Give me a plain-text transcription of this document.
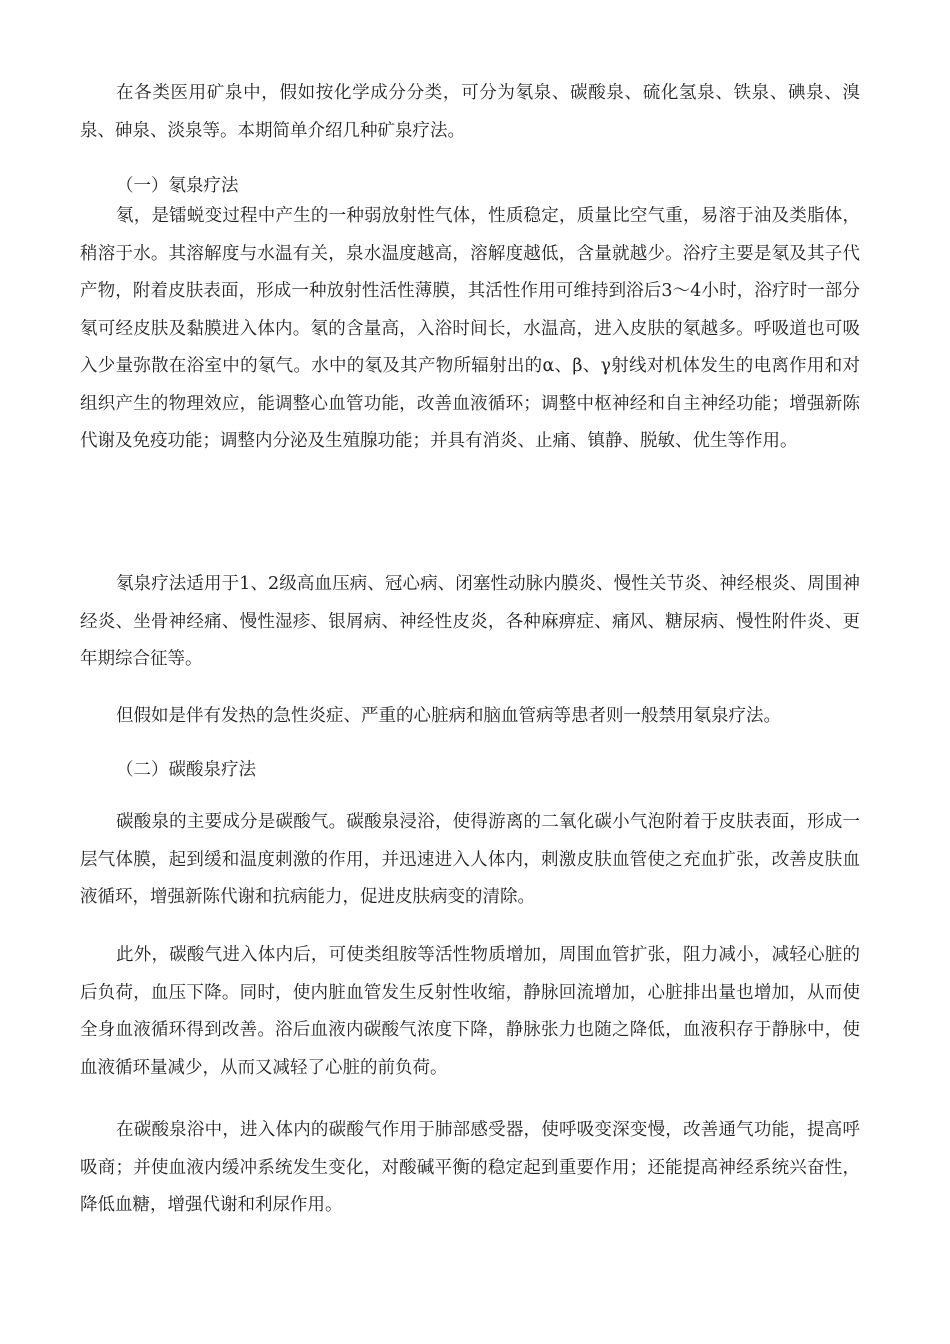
在各类医用矿泉中，假如按化学成分分类，可分为氡泉、碳酸泉、硫化氢泉、铁泉、碘泉、溴泉、砷泉、淡泉等。本期简单介绍几种矿泉疗法。

（一）氡泉疗法

氡，是镭蜕变过程中产生的一种弱放射性气体，性质稳定，质量比空气重，易溶于油及类脂体，稍溶于水。其溶解度与水温有关，泉水温度越高，溶解度越低，含量就越少。浴疗主要是氡及其子代产物，附着皮肤表面，形成一种放射性活性薄膜，其活性作用可维持到浴后3～4小时，浴疗时一部分氡可经皮肤及黏膜进入体内。氡的含量高，入浴时间长，水温高，进入皮肤的氡越多。呼吸道也可吸入少量弥散在浴室中的氡气。水中的氡及其产物所辐射出的α、β、γ射线对机体发生的电离作用和对组织产生的物理效应，能调整心血管功能，改善血液循环；调整中枢神经和自主神经功能；增强新陈代谢及免疫功能；调整内分泌及生殖腺功能；并具有消炎、止痛、镇静、脱敏、优生等作用。

氡泉疗法适用于1、2级高血压病、冠心病、闭塞性动脉内膜炎、慢性关节炎、神经根炎、周围神经炎、坐骨神经痛、慢性湿疹、银屑病、神经性皮炎，各种麻痹症、痛风、糖尿病、慢性附件炎、更年期综合征等。

但假如是伴有发热的急性炎症、严重的心脏病和脑血管病等患者则一般禁用氡泉疗法。

（二）碳酸泉疗法

碳酸泉的主要成分是碳酸气。碳酸泉浸浴，使得游离的二氧化碳小气泡附着于皮肤表面，形成一层气体膜，起到缓和温度刺激的作用，并迅速进入人体内，刺激皮肤血管使之充血扩张，改善皮肤血液循环，增强新陈代谢和抗病能力，促进皮肤病变的清除。

此外，碳酸气进入体内后，可使类组胺等活性物质增加，周围血管扩张，阻力减小，减轻心脏的后负荷，血压下降。同时，使内脏血管发生反射性收缩，静脉回流增加，心脏排出量也增加，从而使全身血液循环得到改善。浴后血液内碳酸气浓度下降，静脉张力也随之降低，血液积存于静脉中，使血液循环量减少，从而又减轻了心脏的前负荷。

在碳酸泉浴中，进入体内的碳酸气作用于肺部感受器，使呼吸变深变慢，改善通气功能，提高呼吸商；并使血液内缓冲系统发生变化，对酸碱平衡的稳定起到重要作用；还能提高神经系统兴奋性，降低血糖，增强代谢和利尿作用。
